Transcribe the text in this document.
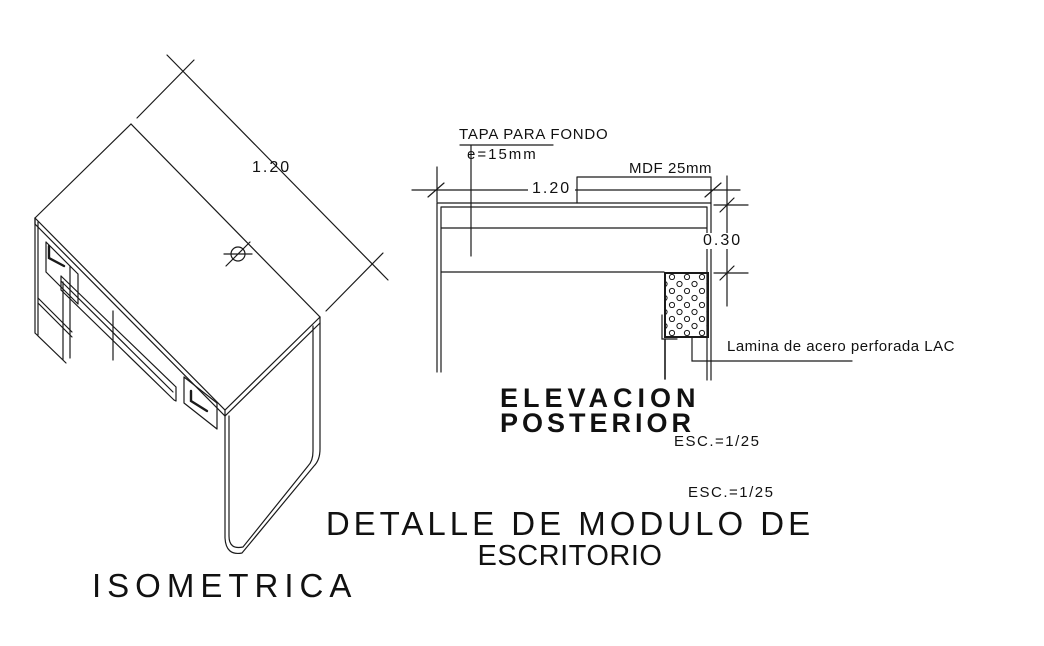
1.20
ISOMETRICA
TAPA PARA FONDO
e=15mm
MDF 25mm
1.20
0.30
Lamina de acero perforada LAC
ELEVACION
POSTERIOR
ESC.=1/25
ESC.=1/25
DETALLE DE MODULO DE
ESCRITORIO
